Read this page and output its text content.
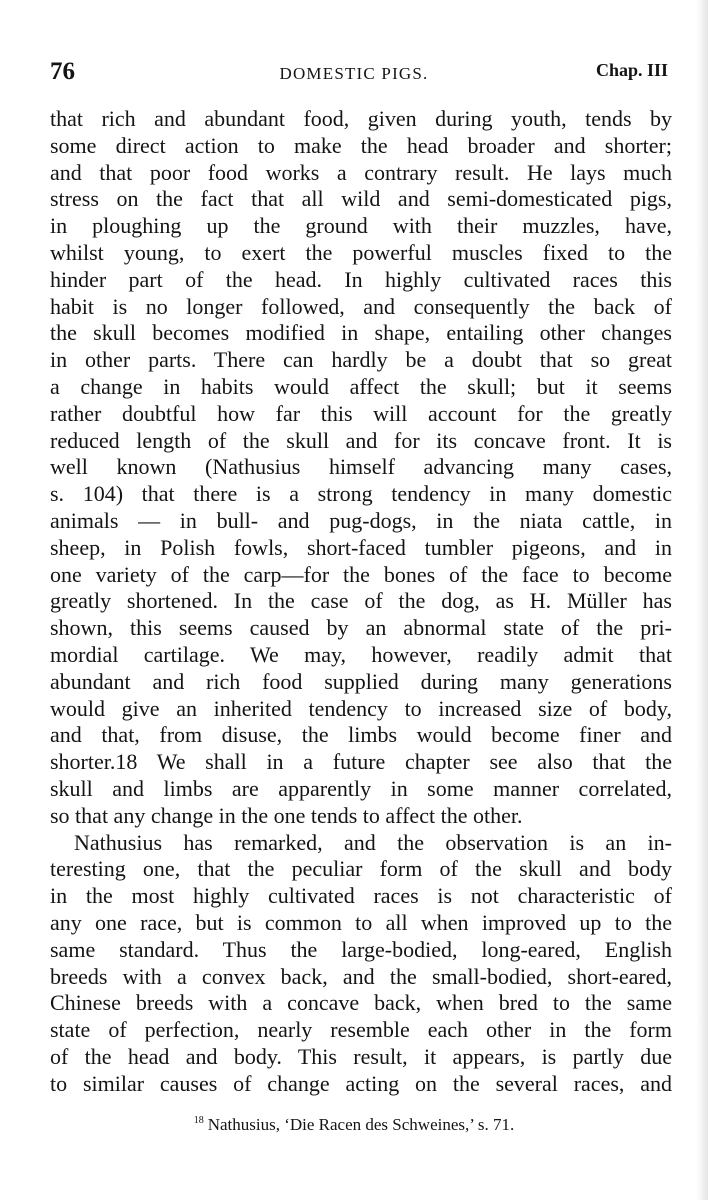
76	DOMESTIC PIGS.	Chap. III
that rich and abundant food, given during youth, tends by
some direct action to make the head broader and shorter;
and that poor food works a contrary result. He lays much
stress on the fact that all wild and semi-domesticated pigs,
in ploughing up the ground with their muzzles, have,
whilst young, to exert the powerful muscles fixed to the
hinder part of the head. In highly cultivated races this
habit is no longer followed, and consequently the back of
the skull becomes modified in shape, entailing other changes
in other parts. There can hardly be a doubt that so great
a change in habits would affect the skull; but it seems
rather doubtful how far this will account for the greatly
reduced length of the skull and for its concave front. It is
well known (Nathusius himself advancing many cases,
s. 104) that there is a strong tendency in many domestic
animals — in bull- and pug-dogs, in the niata cattle, in
sheep, in Polish fowls, short-faced tumbler pigeons, and in
one variety of the carp—for the bones of the face to become
greatly shortened. In the case of the dog, as H. Müller has
shown, this seems caused by an abnormal state of the pri-
mordial cartilage. We may, however, readily admit that
abundant and rich food supplied during many generations
would give an inherited tendency to increased size of body,
and that, from disuse, the limbs would become finer and
shorter.18 We shall in a future chapter see also that the
skull and limbs are apparently in some manner correlated,
so that any change in the one tends to affect the other.
Nathusius has remarked, and the observation is an in-
teresting one, that the peculiar form of the skull and body
in the most highly cultivated races is not characteristic of
any one race, but is common to all when improved up to the
same standard. Thus the large-bodied, long-eared, English
breeds with a convex back, and the small-bodied, short-eared,
Chinese breeds with a concave back, when bred to the same
state of perfection, nearly resemble each other in the form
of the head and body. This result, it appears, is partly due
to similar causes of change acting on the several races, and
$^{18}$ Nathusius, ‘Die Racen des Schweines,’ s. 71.
